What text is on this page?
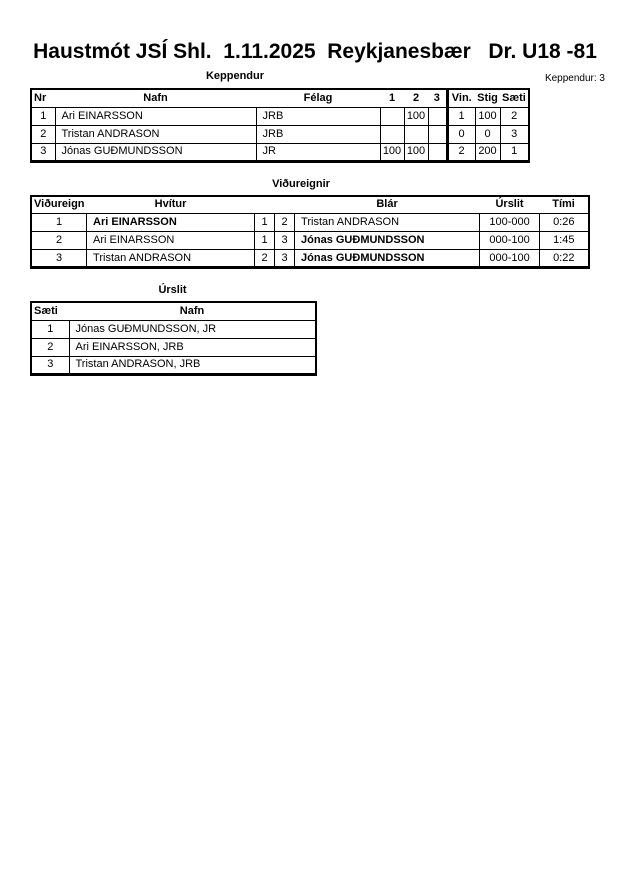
Haustmót JSÍ Shl.  1.11.2025  Reykjanesbær   Dr. U18 -81
Keppendur: 3
Keppendur
Nr	Nafn	Félag	1	2	3	Vin.	Stig	Sæti
1	Ari EINARSSON	JRB		100		1	100	2
2	Tristan ANDRASON	JRB				0	0	3
3	Jónas GUÐMUNDSSON	JR	100	100		2	200	1
Viðureignir
Viðureign	Hvítur			Blár	Úrslit	Tími
1	Ari EINARSSON	1	2	Tristan ANDRASON	100-000	0:26
2	Ari EINARSSON	1	3	Jónas GUÐMUNDSSON	000-100	1:45
3	Tristan ANDRASON	2	3	Jónas GUÐMUNDSSON	000-100	0:22
Úrslit
Sæti	Nafn
1	Jónas GUÐMUNDSSON, JR
2	Ari EINARSSON, JRB
3	Tristan ANDRASON, JRB
